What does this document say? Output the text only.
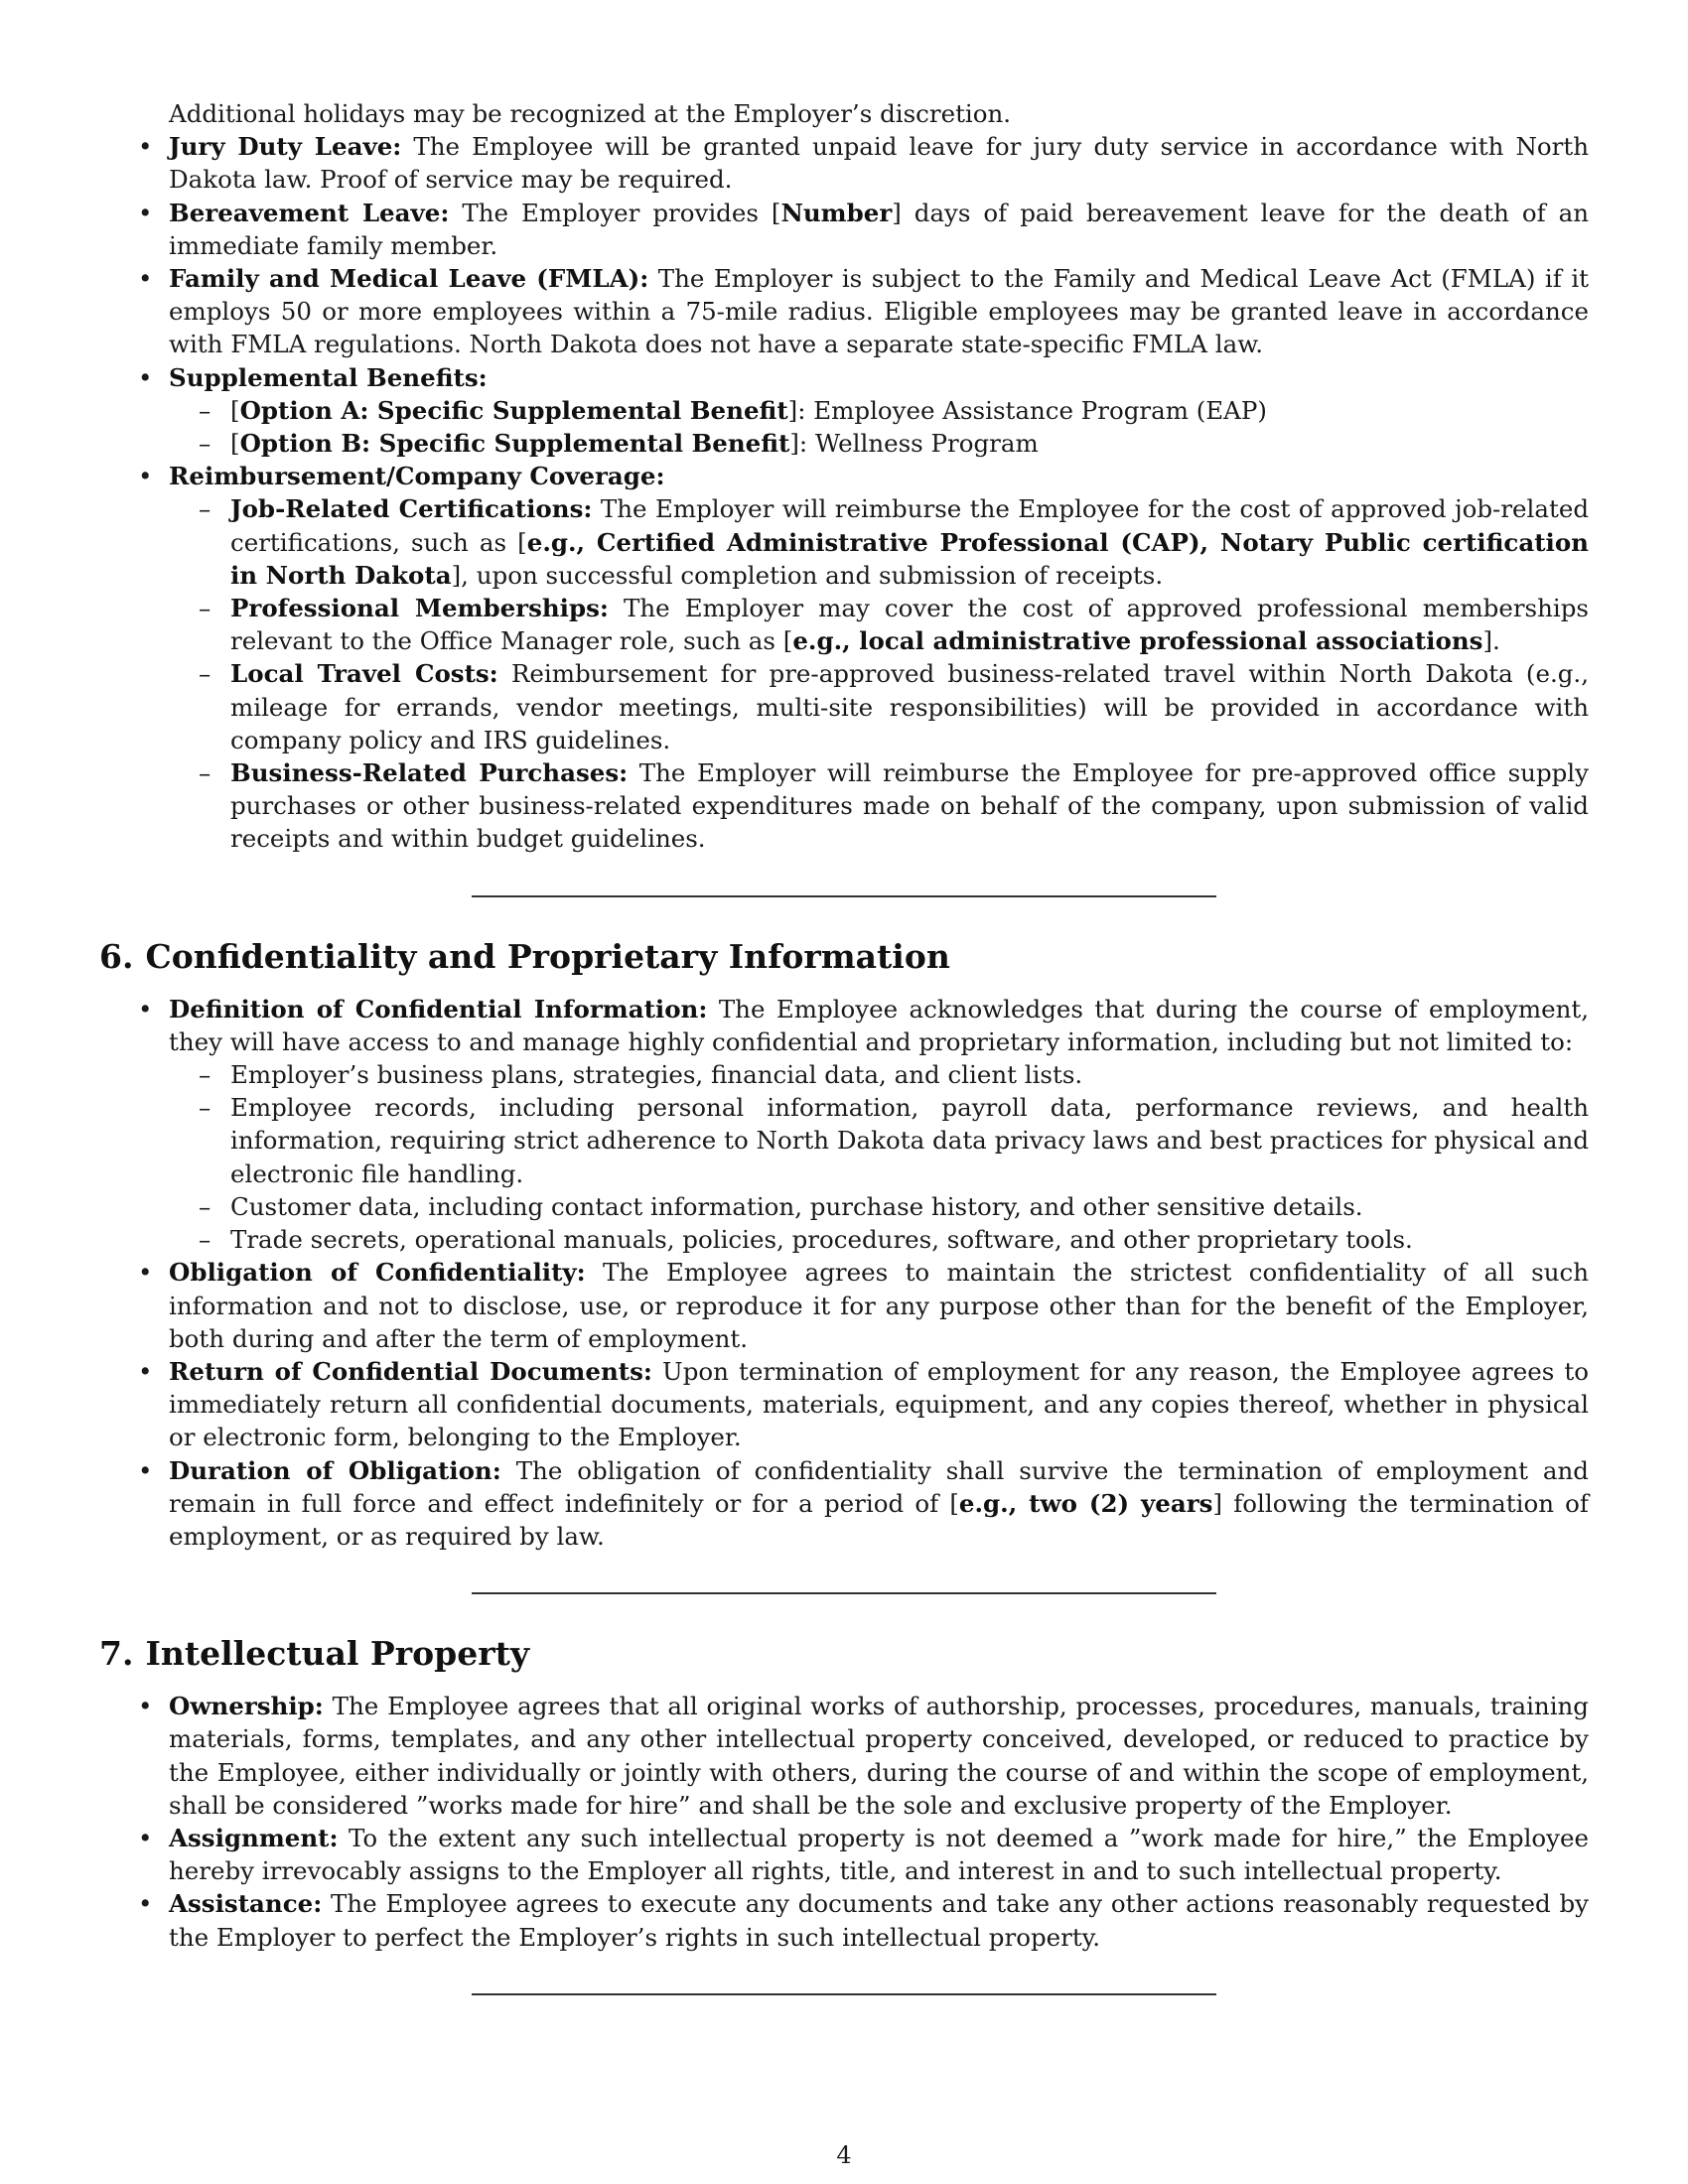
Additional holidays may be recognized at the Employer’s discretion.

• Jury Duty Leave: The Employee will be granted unpaid leave for jury duty service in accordance with North Dakota law. Proof of service may be required.
• Bereavement Leave: The Employer provides [Number] days of paid bereavement leave for the death of an immediate family member.
• Family and Medical Leave (FMLA): The Employer is subject to the Family and Medical Leave Act (FMLA) if it employs 50 or more employees within a 75-mile radius. Eligible employees may be granted leave in accordance with FMLA regulations. North Dakota does not have a separate state-specific FMLA law.
• Supplemental Benefits:
– [Option A: Specific Supplemental Benefit]: Employee Assistance Program (EAP)
– [Option B: Specific Supplemental Benefit]: Wellness Program
• Reimbursement/Company Coverage:
– Job-Related Certifications: The Employer will reimburse the Employee for the cost of approved job-related certifications, such as [e.g., Certified Administrative Professional (CAP), Notary Public certification in North Dakota], upon successful completion and submission of receipts.
– Professional Memberships: The Employer may cover the cost of approved professional memberships relevant to the Office Manager role, such as [e.g., local administrative professional associations].
– Local Travel Costs: Reimbursement for pre-approved business-related travel within North Dakota (e.g., mileage for errands, vendor meetings, multi-site responsibilities) will be provided in accordance with company policy and IRS guidelines.
– Business-Related Purchases: The Employer will reimburse the Employee for pre-approved office supply purchases or other business-related expenditures made on behalf of the company, upon submission of valid receipts and within budget guidelines.
6. Confidentiality and Proprietary Information
• Definition of Confidential Information: The Employee acknowledges that during the course of employment, they will have access to and manage highly confidential and proprietary information, including but not limited to:
– Employer’s business plans, strategies, financial data, and client lists.
– Employee records, including personal information, payroll data, performance reviews, and health information, requiring strict adherence to North Dakota data privacy laws and best practices for physical and electronic file handling.
– Customer data, including contact information, purchase history, and other sensitive details.
– Trade secrets, operational manuals, policies, procedures, software, and other proprietary tools.
• Obligation of Confidentiality: The Employee agrees to maintain the strictest confidentiality of all such information and not to disclose, use, or reproduce it for any purpose other than for the benefit of the Employer, both during and after the term of employment.
• Return of Confidential Documents: Upon termination of employment for any reason, the Employee agrees to immediately return all confidential documents, materials, equipment, and any copies thereof, whether in physical or electronic form, belonging to the Employer.
• Duration of Obligation: The obligation of confidentiality shall survive the termination of employment and remain in full force and effect indefinitely or for a period of [e.g., two (2) years] following the termination of employment, or as required by law.
7. Intellectual Property
• Ownership: The Employee agrees that all original works of authorship, processes, procedures, manuals, training materials, forms, templates, and any other intellectual property conceived, developed, or reduced to practice by the Employee, either individually or jointly with others, during the course of and within the scope of employment, shall be considered ”works made for hire” and shall be the sole and exclusive property of the Employer.
• Assignment: To the extent any such intellectual property is not deemed a ”work made for hire,” the Employee hereby irrevocably assigns to the Employer all rights, title, and interest in and to such intellectual property.
• Assistance: The Employee agrees to execute any documents and take any other actions reasonably requested by the Employer to perfect the Employer’s rights in such intellectual property.
4
